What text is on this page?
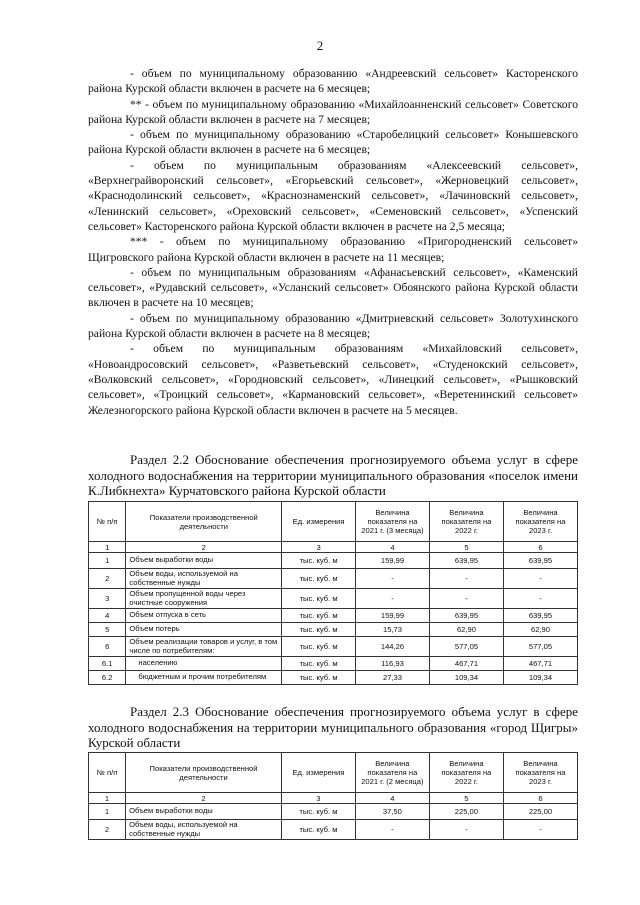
2

- объем по муниципальному образованию «Андреевский сельсовет» Касторенского района Курской области включен в расчете на 6 месяцев;

** - объем по муниципальному образованию «Михайлоанненский сельсовет» Советского района Курской области включен в расчете на 7 месяцев;

- объем по муниципальному образованию «Старобелицкий сельсовет» Конышевского района Курской области включен в расчете на 6 месяцев;

- объем по муниципальным образованиям «Алексеевский сельсовет», «Верхнеграйворонский сельсовет», «Егорьевский сельсовет», «Жерновецкий сельсовет», «Краснодолинский сельсовет», «Краснознаменский сельсовет», «Лачиновский сельсовет», «Ленинский сельсовет», «Ореховский сельсовет», «Семеновский сельсовет», «Успенский сельсовет» Касторенского района Курской области включен в расчете на 2,5 месяца;

*** - объем по муниципальному образованию «Пригородненский сельсовет» Щигровского района Курской области включен в расчете на 11 месяцев;

- объем по муниципальным образованиям «Афанасьевский сельсовет», «Каменский сельсовет», «Рудавский сельсовет», «Усланский сельсовет» Обоянского района Курской области включен в расчете на 10 месяцев;

- объем по муниципальному образованию «Дмитриевский сельсовет» Золотухинского района Курской области включен в расчете на 8 месяцев;

- объем по муниципальным образованиям «Михайловский сельсовет», «Новоандросовский сельсовет», «Разветьевский сельсовет», «Студенокский сельсовет», «Волковский сельсовет», «Городновский сельсовет», «Линецкий сельсовет», «Рышковский сельсовет», «Троицкий сельсовет», «Кармановский сельсовет», «Веретенинский сельсовет» Железногорского района Курской области включен в расчете на 5 месяцев.

Раздел 2.2 Обоснование обеспечения прогнозируемого объема услуг в сфере холодного водоснабжения на территории муниципального образования «поселок имени К.Либкнехта» Курчатовского района Курской области

№ п/п	Показатели производственной деятельности	Ед. измерения	Величина показателя на 2021 г. (3 месяца)	Величина показателя на 2022 г.	Величина показателя на 2023 г.
1	2	3	4	5	6
1	Объем выработки воды	тыс. куб. м	159,99	639,95	639,95
2	Объем воды, используемой на собственные нужды	тыс. куб. м	-	-	-
3	Объем пропущенной воды через очистные сооружения	тыс. куб. м	-	-	-
4	Объем отпуска в сеть	тыс. куб. м	159,99	639,95	639,95
5	Объем потерь	тыс. куб. м	15,73	62,90	62,90
6	Объем реализации товаров и услуг, в том числе по потребителям:	тыс. куб. м	144,26	577,05	577,05
6.1	населению	тыс. куб. м	116,93	467,71	467,71
6.2	бюджетным и прочим потребителям	тыс. куб. м	27,33	109,34	109,34

Раздел 2.3 Обоснование обеспечения прогнозируемого объема услуг в сфере холодного водоснабжения на территории муниципального образования «город Щигры» Курской области

№ п/п	Показатели производственной деятельности	Ед. измерения	Величина показателя на 2021 г. (2 месяца)	Величина показателя на 2022 г.	Величина показателя на 2023 г.
1	2	3	4	5	6
1	Объем выработки воды	тыс. куб. м	37,50	225,00	225,00
2	Объем воды, используемой на собственные нужды	тыс. куб. м	-	-	-
